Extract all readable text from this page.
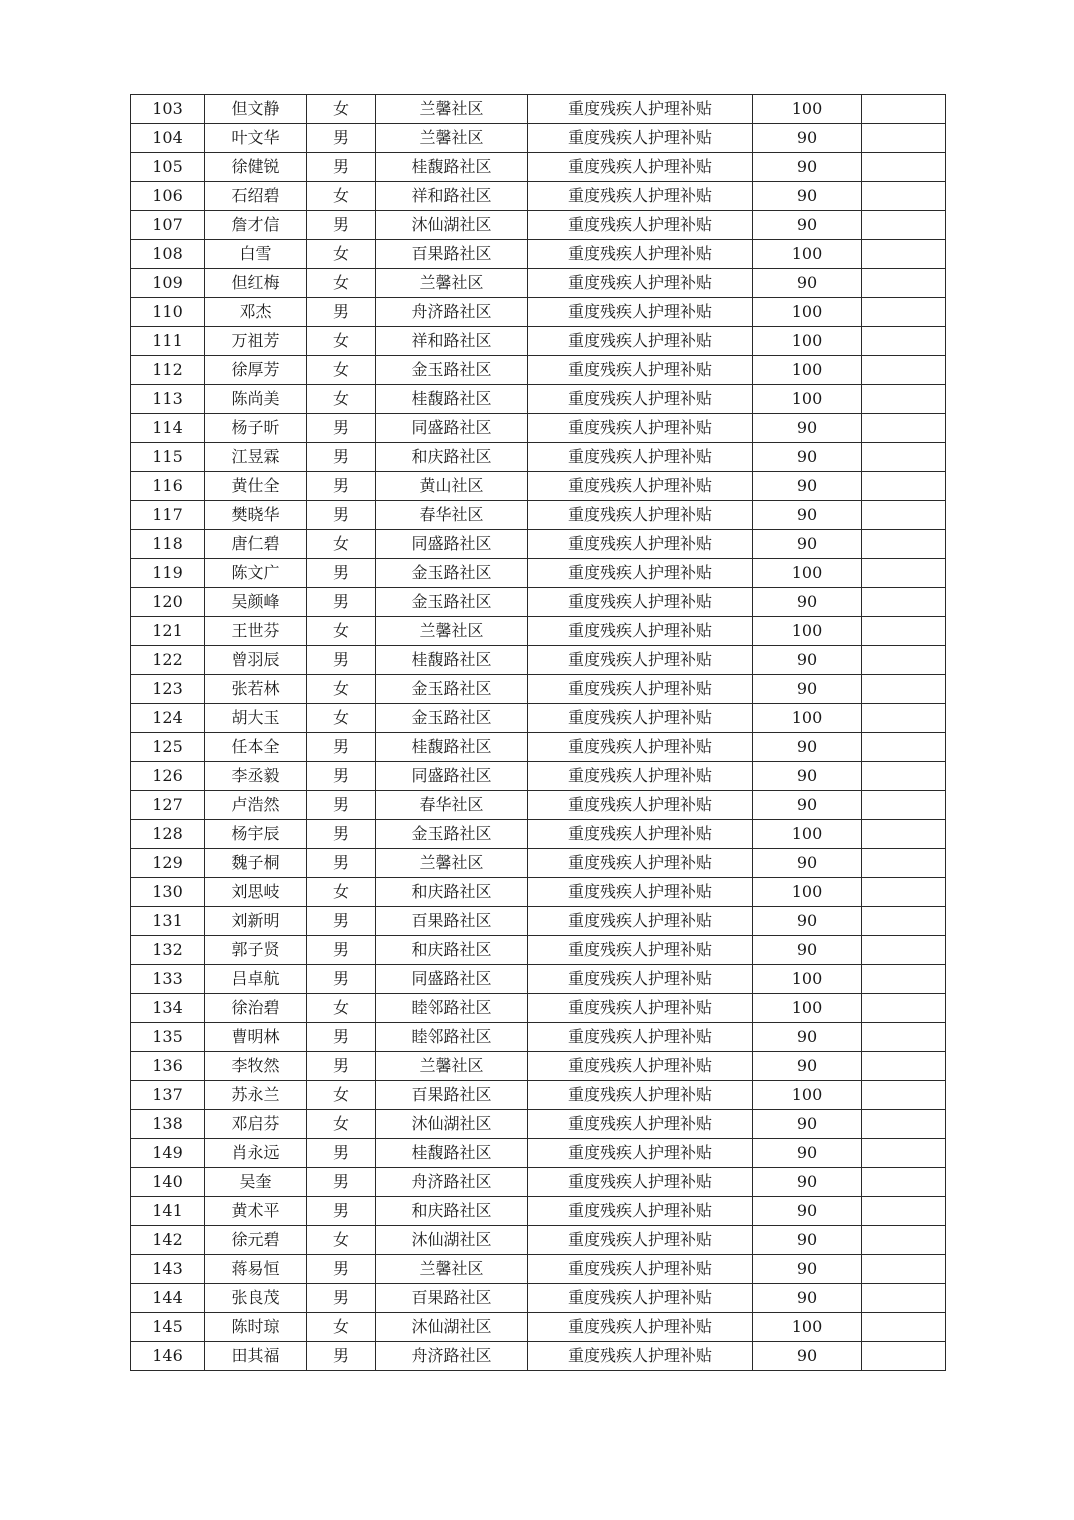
103	但文静	女	兰馨社区	重度残疾人护理补贴	100	
104	叶文华	男	兰馨社区	重度残疾人护理补贴	90	
105	徐健锐	男	桂馥路社区	重度残疾人护理补贴	90	
106	石绍碧	女	祥和路社区	重度残疾人护理补贴	90	
107	詹才信	男	沐仙湖社区	重度残疾人护理补贴	90	
108	白雪	女	百果路社区	重度残疾人护理补贴	100	
109	但红梅	女	兰馨社区	重度残疾人护理补贴	90	
110	邓杰	男	舟济路社区	重度残疾人护理补贴	100	
111	万祖芳	女	祥和路社区	重度残疾人护理补贴	100	
112	徐厚芳	女	金玉路社区	重度残疾人护理补贴	100	
113	陈尚美	女	桂馥路社区	重度残疾人护理补贴	100	
114	杨子昕	男	同盛路社区	重度残疾人护理补贴	90	
115	江昱霖	男	和庆路社区	重度残疾人护理补贴	90	
116	黄仕全	男	黄山社区	重度残疾人护理补贴	90	
117	樊晓华	男	春华社区	重度残疾人护理补贴	90	
118	唐仁碧	女	同盛路社区	重度残疾人护理补贴	90	
119	陈文广	男	金玉路社区	重度残疾人护理补贴	100	
120	吴颜峰	男	金玉路社区	重度残疾人护理补贴	90	
121	王世芬	女	兰馨社区	重度残疾人护理补贴	100	
122	曾羽辰	男	桂馥路社区	重度残疾人护理补贴	90	
123	张若林	女	金玉路社区	重度残疾人护理补贴	90	
124	胡大玉	女	金玉路社区	重度残疾人护理补贴	100	
125	任本全	男	桂馥路社区	重度残疾人护理补贴	90	
126	李丞毅	男	同盛路社区	重度残疾人护理补贴	90	
127	卢浩然	男	春华社区	重度残疾人护理补贴	90	
128	杨宇辰	男	金玉路社区	重度残疾人护理补贴	100	
129	魏子桐	男	兰馨社区	重度残疾人护理补贴	90	
130	刘思岐	女	和庆路社区	重度残疾人护理补贴	100	
131	刘新明	男	百果路社区	重度残疾人护理补贴	90	
132	郭子贤	男	和庆路社区	重度残疾人护理补贴	90	
133	吕卓航	男	同盛路社区	重度残疾人护理补贴	100	
134	徐治碧	女	睦邻路社区	重度残疾人护理补贴	100	
135	曹明林	男	睦邻路社区	重度残疾人护理补贴	90	
136	李牧然	男	兰馨社区	重度残疾人护理补贴	90	
137	苏永兰	女	百果路社区	重度残疾人护理补贴	100	
138	邓启芬	女	沐仙湖社区	重度残疾人护理补贴	90	
149	肖永远	男	桂馥路社区	重度残疾人护理补贴	90	
140	吴奎	男	舟济路社区	重度残疾人护理补贴	90	
141	黄术平	男	和庆路社区	重度残疾人护理补贴	90	
142	徐元碧	女	沐仙湖社区	重度残疾人护理补贴	90	
143	蒋易恒	男	兰馨社区	重度残疾人护理补贴	90	
144	张良茂	男	百果路社区	重度残疾人护理补贴	90	
145	陈时琼	女	沐仙湖社区	重度残疾人护理补贴	100	
146	田其福	男	舟济路社区	重度残疾人护理补贴	90	
